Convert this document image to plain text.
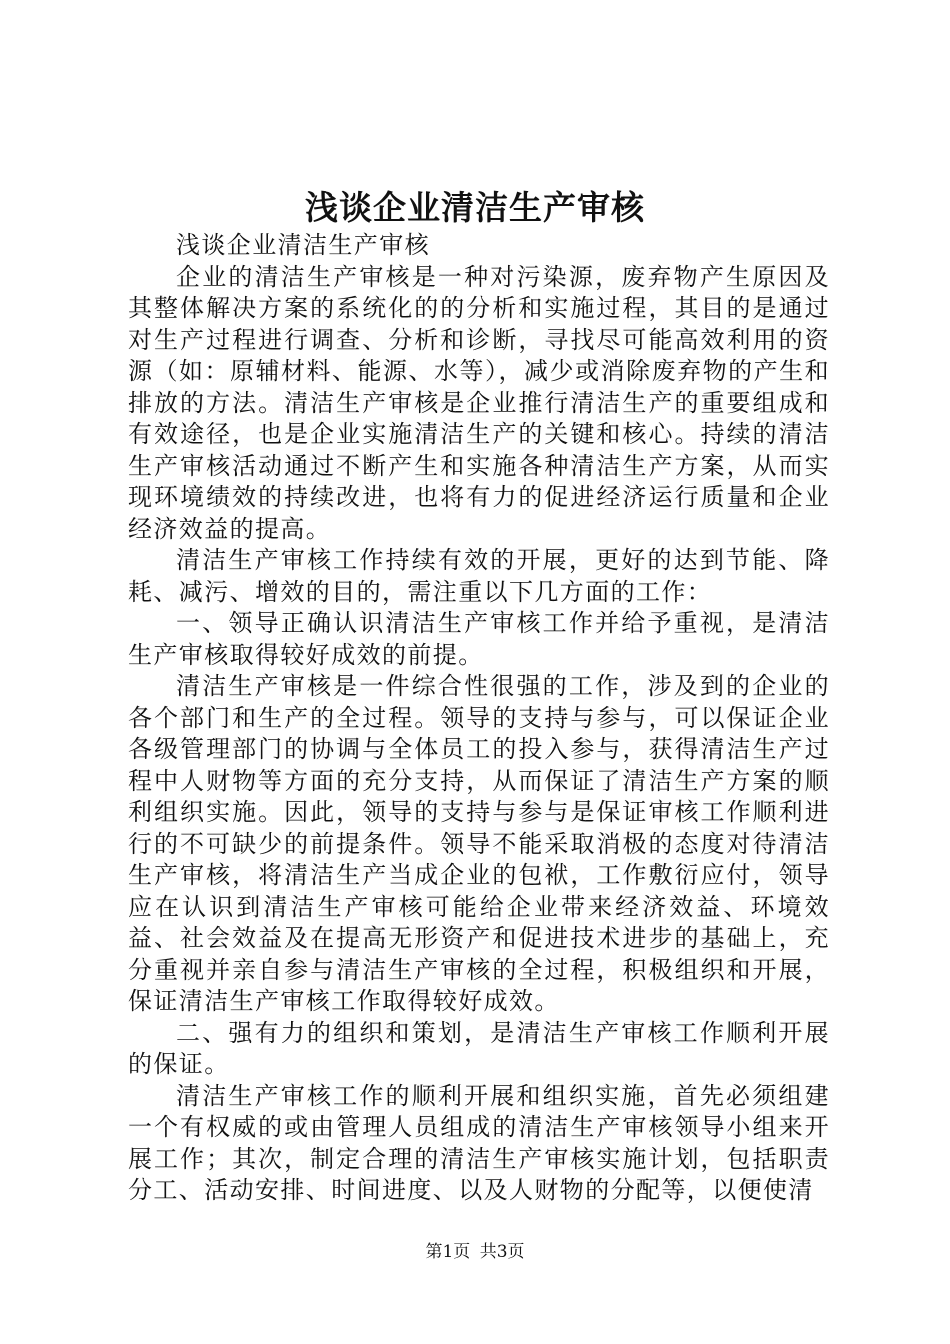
浅谈企业清洁生产审核

浅谈企业清洁生产审核

企业的清洁生产审核是一种对污染源，废弃物产生原因及其整体解决方案的系统化的的分析和实施过程，其目的是通过对生产过程进行调查、分析和诊断，寻找尽可能高效利用的资源（如：原辅材料、能源、水等），减少或消除废弃物的产生和排放的方法。清洁生产审核是企业推行清洁生产的重要组成和有效途径，也是企业实施清洁生产的关键和核心。持续的清洁生产审核活动通过不断产生和实施各种清洁生产方案，从而实现环境绩效的持续改进，也将有力的促进经济运行质量和企业经济效益的提高。

清洁生产审核工作持续有效的开展，更好的达到节能、降耗、减污、增效的目的，需注重以下几方面的工作：

一、领导正确认识清洁生产审核工作并给予重视，是清洁生产审核取得较好成效的前提。

清洁生产审核是一件综合性很强的工作，涉及到的企业的各个部门和生产的全过程。领导的支持与参与，可以保证企业各级管理部门的协调与全体员工的投入参与，获得清洁生产过程中人财物等方面的充分支持，从而保证了清洁生产方案的顺利组织实施。因此，领导的支持与参与是保证审核工作顺利进行的不可缺少的前提条件。领导不能采取消极的态度对待清洁生产审核，将清洁生产当成企业的包袱，工作敷衍应付，领导应在认识到清洁生产审核可能给企业带来经济效益、环境效益、社会效益及在提高无形资产和促进技术进步的基础上，充分重视并亲自参与清洁生产审核的全过程，积极组织和开展，保证清洁生产审核工作取得较好成效。

二、强有力的组织和策划，是清洁生产审核工作顺利开展的保证。

清洁生产审核工作的顺利开展和组织实施，首先必须组建一个有权威的或由管理人员组成的清洁生产审核领导小组来开展工作；其次，制定合理的清洁生产审核实施计划，包括职责分工、活动安排、时间进度、以及人财物的分配等，以便使清

第1页 共3页
